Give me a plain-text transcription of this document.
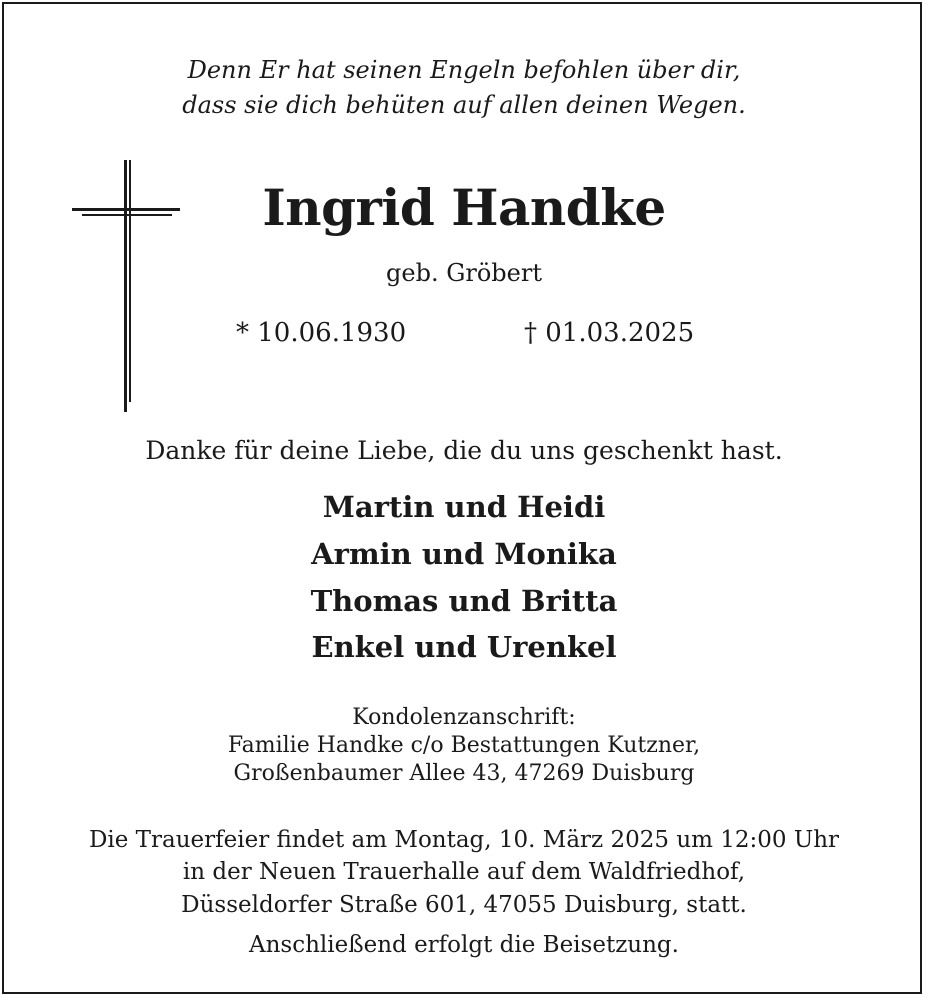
Denn Er hat seinen Engeln befohlen über dir,
dass sie dich behüten auf allen deinen Wegen.
Ingrid Handke
geb. Gröbert
* 10.06.1930	† 01.03.2025
Danke für deine Liebe, die du uns geschenkt hast.
Martin und Heidi
Armin und Monika
Thomas und Britta
Enkel und Urenkel
Kondolenzanschrift:
Familie Handke c/o Bestattungen Kutzner,
Großenbaumer Allee 43, 47269 Duisburg
Die Trauerfeier findet am Montag, 10. März 2025 um 12:00 Uhr
in der Neuen Trauerhalle auf dem Waldfriedhof,
Düsseldorfer Straße 601, 47055 Duisburg, statt.
Anschließend erfolgt die Beisetzung.
